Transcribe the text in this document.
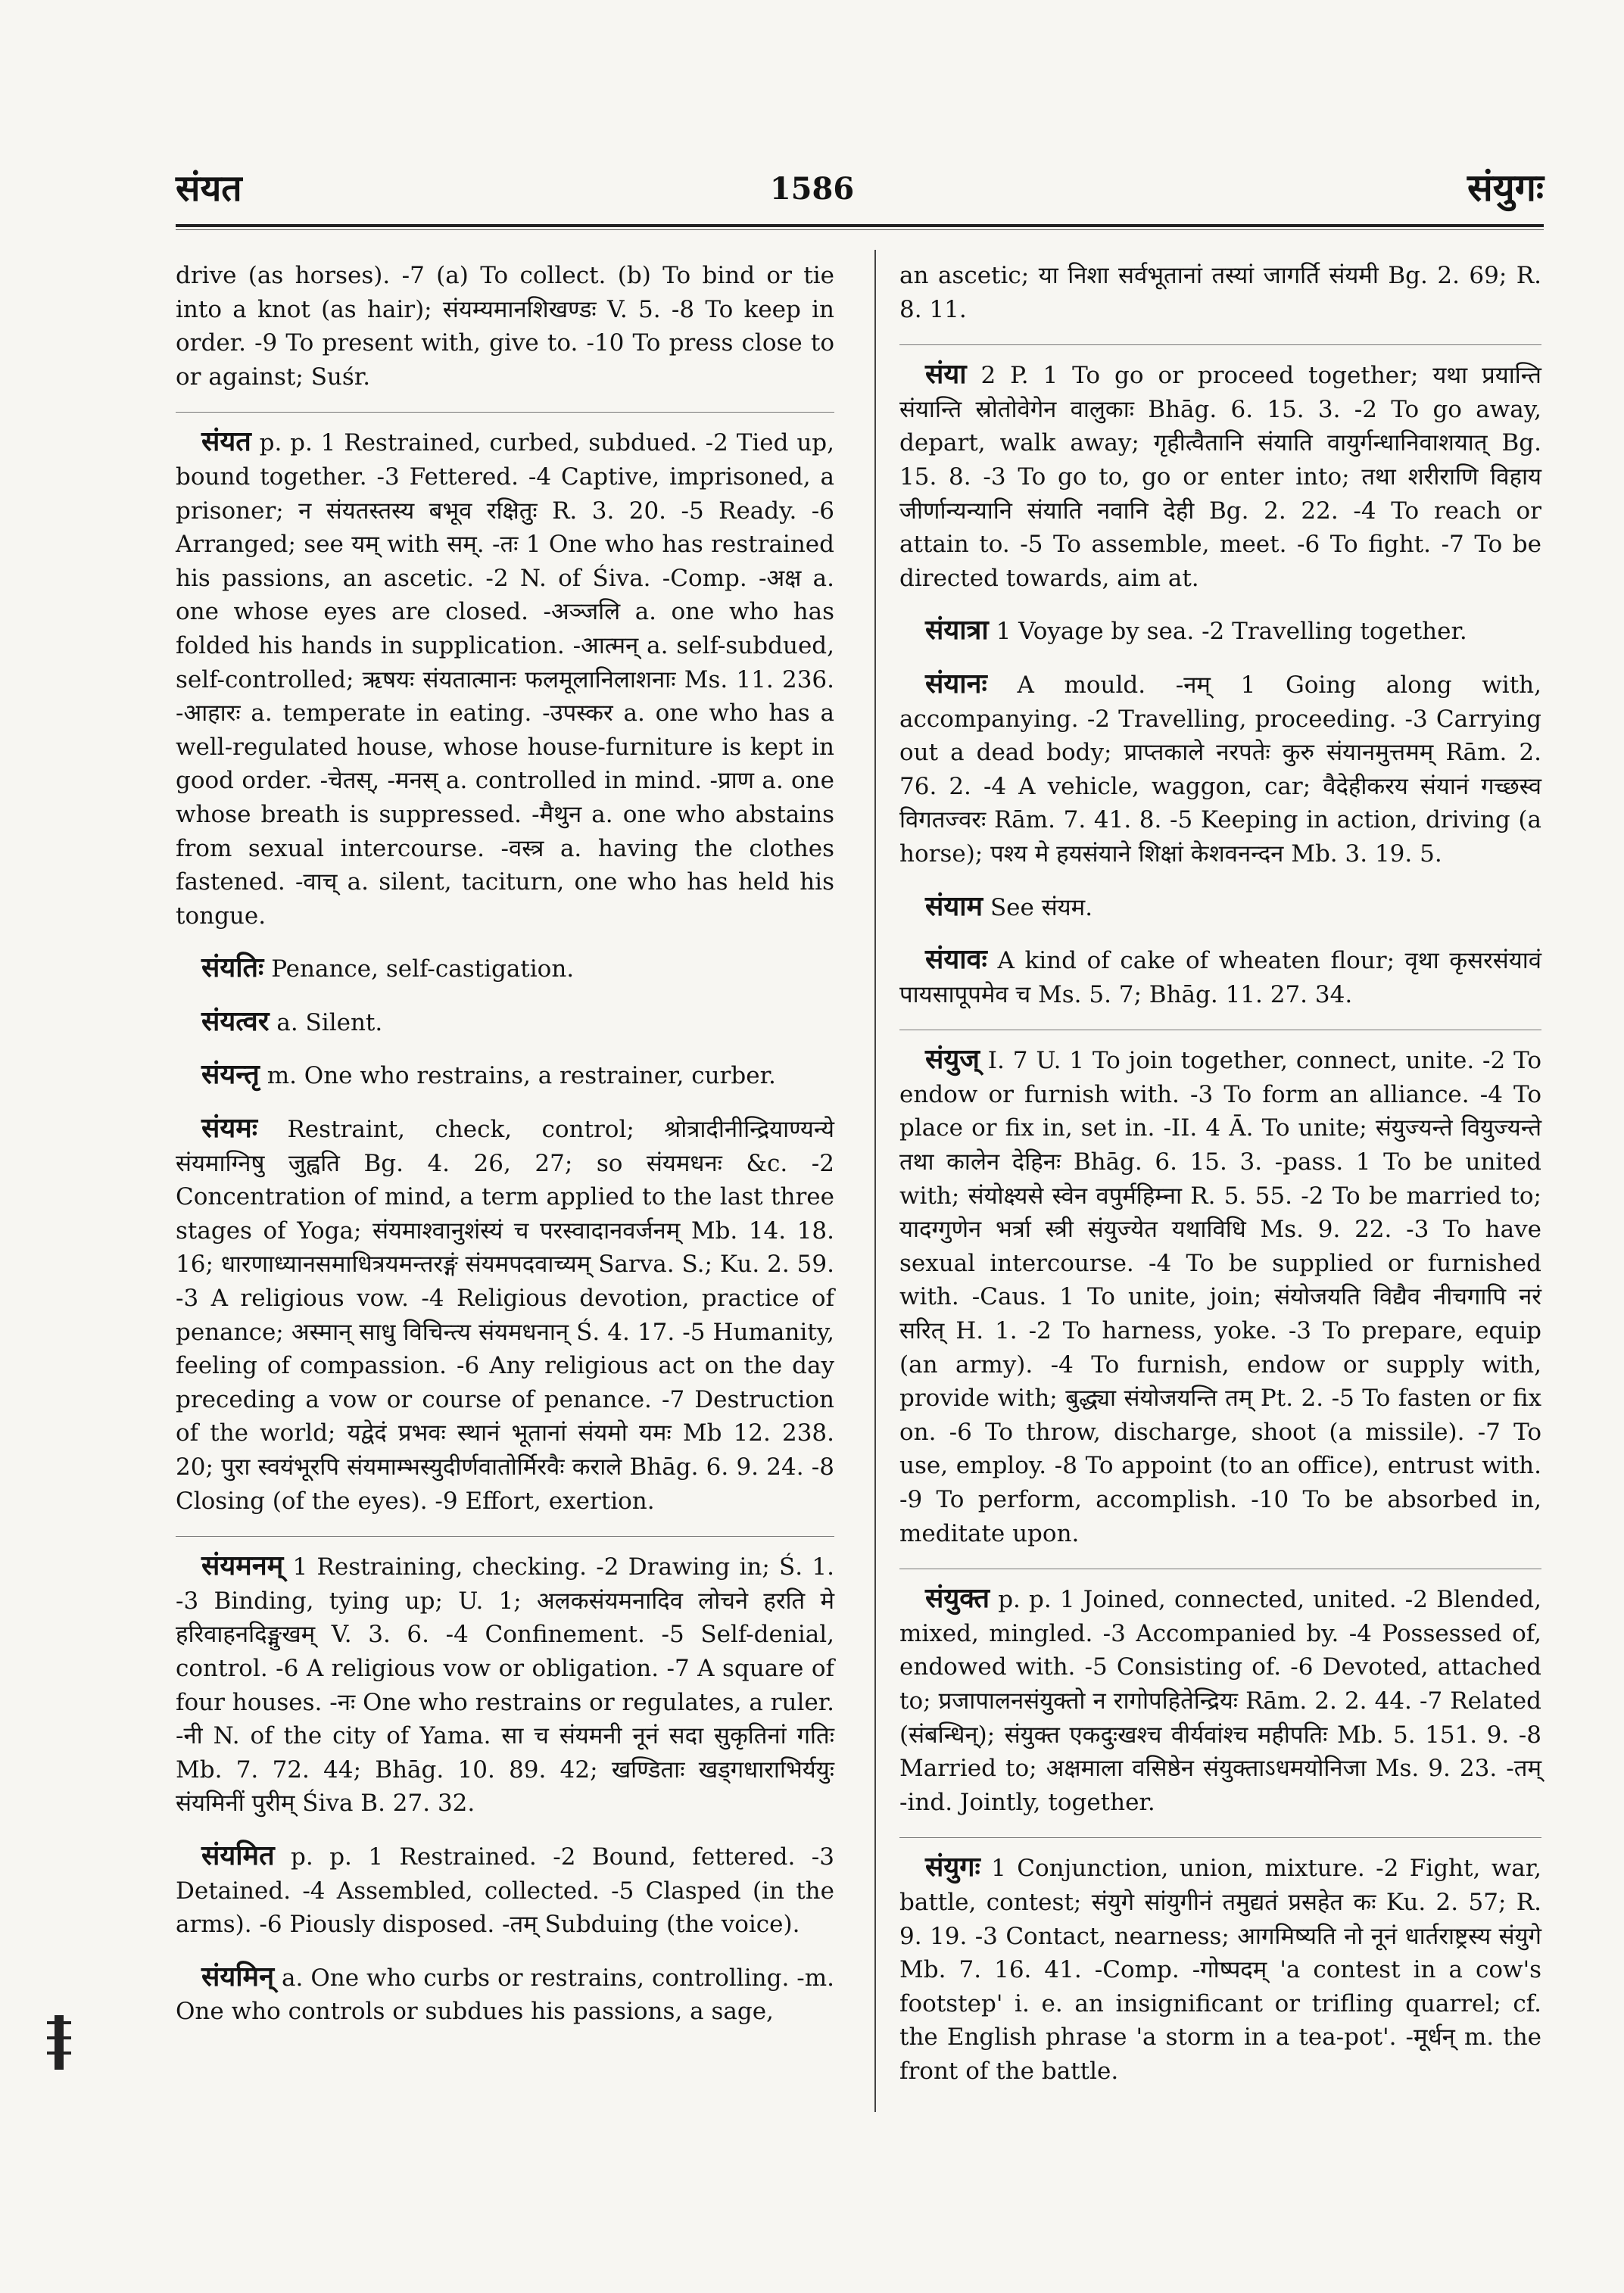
संयत	1586	संयुगः

drive (as horses). -7 (a) To collect. (b) To bind or tie into a knot (as hair); संयम्यमानशिखण्डः V. 5. -8 To keep in order. -9 To present with, give to. -10 To press close to or against; Suśr.

संयत p. p. 1 Restrained, curbed, subdued. -2 Tied up, bound together. -3 Fettered. -4 Captive, imprisoned, a prisoner; न संयतस्तस्य बभूव रक्षितुः R. 3. 20. -5 Ready. -6 Arranged; see यम् with सम्. -तः 1 One who has restrained his passions, an ascetic. -2 N. of Śiva. -Comp. -अक्ष a. one whose eyes are closed. -अञ्जलि a. one who has folded his hands in supplication. -आत्मन् a. self-subdued, self-controlled; ऋषयः संयतात्मानः फलमूलानिलाशनाः Ms. 11. 236. -आहारः a. temperate in eating. -उपस्कर a. one who has a well-regulated house, whose house-furniture is kept in good order. -चेतस्, -मनस् a. controlled in mind. -प्राण a. one whose breath is suppressed. -मैथुन a. one who abstains from sexual intercourse. -वस्त्र a. having the clothes fastened. -वाच् a. silent, taciturn, one who has held his tongue.

संयतिः Penance, self-castigation.

संयत्वर a. Silent.

संयन्तृ m. One who restrains, a restrainer, curber.

संयमः Restraint, check, control; श्रोत्रादीनीन्द्रियाण्यन्ये संयमाग्निषु जुह्वति Bg. 4. 26, 27; so संयमधनः &c. -2 Concentration of mind, a term applied to the last three stages of Yoga; संयमाश्वानुशंस्यं च परस्वादानवर्जनम् Mb. 14. 18. 16; धारणाध्यानसमाधित्रयमन्तरङ्गं संयमपदवाच्यम् Sarva. S.; Ku. 2. 59. -3 A religious vow. -4 Religious devotion, practice of penance; अस्मान् साधु विचिन्त्य संयमधनान् Ś. 4. 17. -5 Humanity, feeling of compassion. -6 Any religious act on the day preceding a vow or course of penance. -7 Destruction of the world; यद्वेदं प्रभवः स्थानं भूतानां संयमो यमः Mb 12. 238. 20; पुरा स्वयंभूरपि संयमाम्भस्युदीर्णवातोर्मिरवैः कराले Bhāg. 6. 9. 24. -8 Closing (of the eyes). -9 Effort, exertion.

संयमनम् 1 Restraining, checking. -2 Drawing in; Ś. 1. -3 Binding, tying up; U. 1; अलकसंयमनादिव लोचने हरति मे हरिवाहनदिङ्मुखम् V. 3. 6. -4 Confinement. -5 Self-denial, control. -6 A religious vow or obligation. -7 A square of four houses. -नः One who restrains or regulates, a ruler. -नी N. of the city of Yama. सा च संयमनी नूनं सदा सुकृतिनां गतिः Mb. 7. 72. 44; Bhāg. 10. 89. 42; खण्डिताः खड्गधाराभिर्ययुः संयमिनीं पुरीम् Śiva B. 27. 32.

संयमित p. p. 1 Restrained. -2 Bound, fettered. -3 Detained. -4 Assembled, collected. -5 Clasped (in the arms). -6 Piously disposed. -तम् Subduing (the voice).

संयमिन् a. One who curbs or restrains, controlling. -m. One who controls or subdues his passions, a sage,

an ascetic; या निशा सर्वभूतानां तस्यां जागर्ति संयमी Bg. 2. 69; R. 8. 11.

संया 2 P. 1 To go or proceed together; यथा प्रयान्ति संयान्ति स्रोतोवेगेन वालुकाः Bhāg. 6. 15. 3. -2 To go away, depart, walk away; गृहीत्वैतानि संयाति वायुर्गन्धानिवाशयात् Bg. 15. 8. -3 To go to, go or enter into; तथा शरीराणि विहाय जीर्णान्यन्यानि संयाति नवानि देही Bg. 2. 22. -4 To reach or attain to. -5 To assemble, meet. -6 To fight. -7 To be directed towards, aim at.

संयात्रा 1 Voyage by sea. -2 Travelling together.

संयानः A mould. -नम् 1 Going along with, accompanying. -2 Travelling, proceeding. -3 Carrying out a dead body; प्राप्तकाले नरपतेः कुरु संयानमुत्तमम् Rām. 2. 76. 2. -4 A vehicle, waggon, car; वैदेहीकरय संयानं गच्छस्व विगतज्वरः Rām. 7. 41. 8. -5 Keeping in action, driving (a horse); पश्य मे हयसंयाने शिक्षां केशवनन्दन Mb. 3. 19. 5.

संयाम See संयम.

संयावः A kind of cake of wheaten flour; वृथा कृसरसंयावं पायसापूपमेव च Ms. 5. 7; Bhāg. 11. 27. 34.

संयुज् I. 7 U. 1 To join together, connect, unite. -2 To endow or furnish with. -3 To form an alliance. -4 To place or fix in, set in. -II. 4 Ā. To unite; संयुज्यन्ते वियुज्यन्ते तथा कालेन देहिनः Bhāg. 6. 15. 3. -pass. 1 To be united with; संयोक्ष्यसे स्वेन वपुर्महिम्ना R. 5. 55. -2 To be married to; यादग्गुणेन भर्त्रा स्त्री संयुज्येत यथाविधि Ms. 9. 22. -3 To have sexual intercourse. -4 To be supplied or furnished with. -Caus. 1 To unite, join; संयोजयति विद्यैव नीचगापि नरं सरित् H. 1. -2 To harness, yoke. -3 To prepare, equip (an army). -4 To furnish, endow or supply with, provide with; बुद्ध्या संयोजयन्ति तम् Pt. 2. -5 To fasten or fix on. -6 To throw, discharge, shoot (a missile). -7 To use, employ. -8 To appoint (to an office), entrust with. -9 To perform, accomplish. -10 To be absorbed in, meditate upon.

संयुक्त p. p. 1 Joined, connected, united. -2 Blended, mixed, mingled. -3 Accompanied by. -4 Possessed of, endowed with. -5 Consisting of. -6 Devoted, attached to; प्रजापालनसंयुक्तो न रागोपहितेन्द्रियः Rām. 2. 2. 44. -7 Related (संबन्धिन्); संयुक्त एकदुःखश्च वीर्यवांश्च महीपतिः Mb. 5. 151. 9. -8 Married to; अक्षमाला वसिष्ठेन संयुक्ताऽधमयोनिजा Ms. 9. 23. -तम् -ind. Jointly, together.

संयुगः 1 Conjunction, union, mixture. -2 Fight, war, battle, contest; संयुगे सांयुगीनं तमुद्यतं प्रसहेत कः Ku. 2. 57; R. 9. 19. -3 Contact, nearness; आगमिष्यति नो नूनं धार्तराष्ट्रस्य संयुगे Mb. 7. 16. 41. -Comp. -गोष्पदम् 'a contest in a cow's footstep' i. e. an insignificant or trifling quarrel; cf. the English phrase 'a storm in a tea-pot'. -मूर्धन् m. the front of the battle.
